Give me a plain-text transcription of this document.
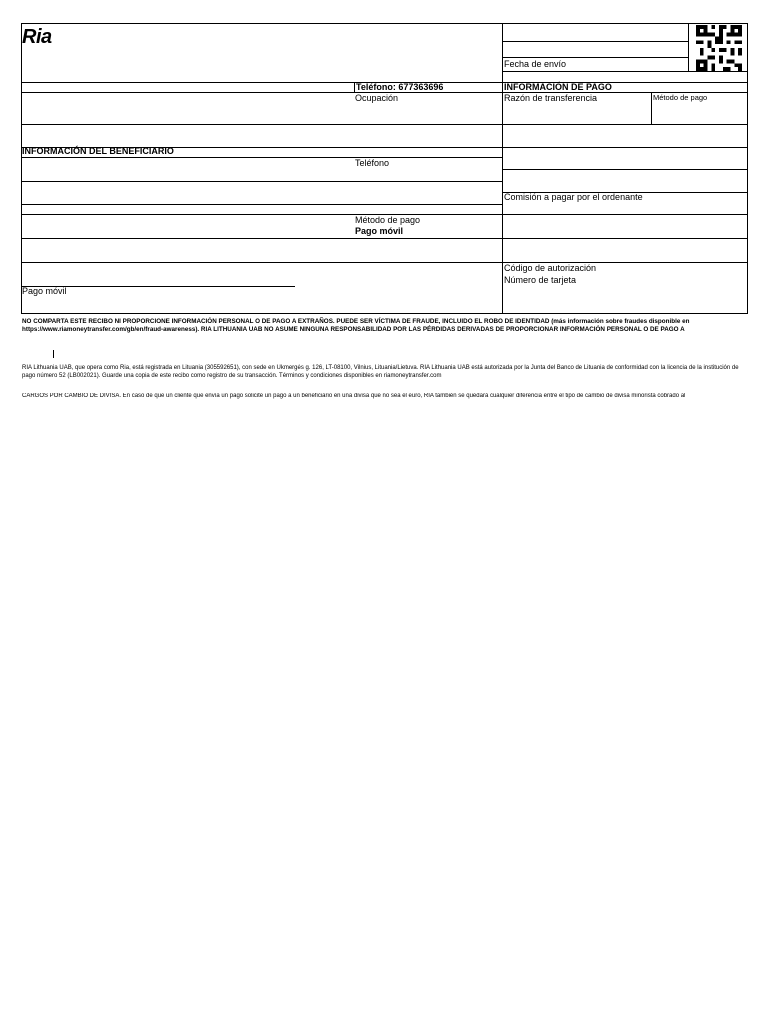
Ria
Fecha de envío
Teléfono: 677363696
Ocupación
INFORMACIÓN DE PAGO
Razón de transferencia	Método de pago
INFORMACIÓN DEL BENEFICIARIO
Teléfono
Comisión a pagar por el ordenante
Método de pago
Pago móvil
Código de autorización
Número de tarjeta
Pago móvil
NO COMPARTA ESTE RECIBO NI PROPORCIONE INFORMACIÓN PERSONAL O DE PAGO A EXTRAÑOS. PUEDE SER VÍCTIMA DE FRAUDE, INCLUIDO EL ROBO DE IDENTIDAD (más información sobre fraudes disponible en https://www.riamoneytransfer.com/gb/en/fraud-awareness). RIA LITHUANIA UAB NO ASUME NINGUNA RESPONSABILIDAD POR LAS PÉRDIDAS DERIVADAS DE PROPORCIONAR INFORMACIÓN PERSONAL O DE PAGO A
RIA Lithuania UAB, que opera como Ria, está registrada en Lituania (305592651), con sede en Ukmergės g. 126, LT-08100, Vilnius, Lituania/Lietuva. RIA Lithuania UAB está autorizada por la Junta del Banco de Lituania de conformidad con la licencia de la institución de pago número 52 (LB002021). Guarde una copia de este recibo como registro de su transacción. Términos y condiciones disponibles en riamoneytransfer.com
CARGOS POR CAMBIO DE DIVISA. En caso de que un cliente que envía un pago solicite un pago a un beneficiario en una divisa que no sea el euro, RIA también se quedará cualquier diferencia entre el tipo de cambio de divisa minorista cobrado al
